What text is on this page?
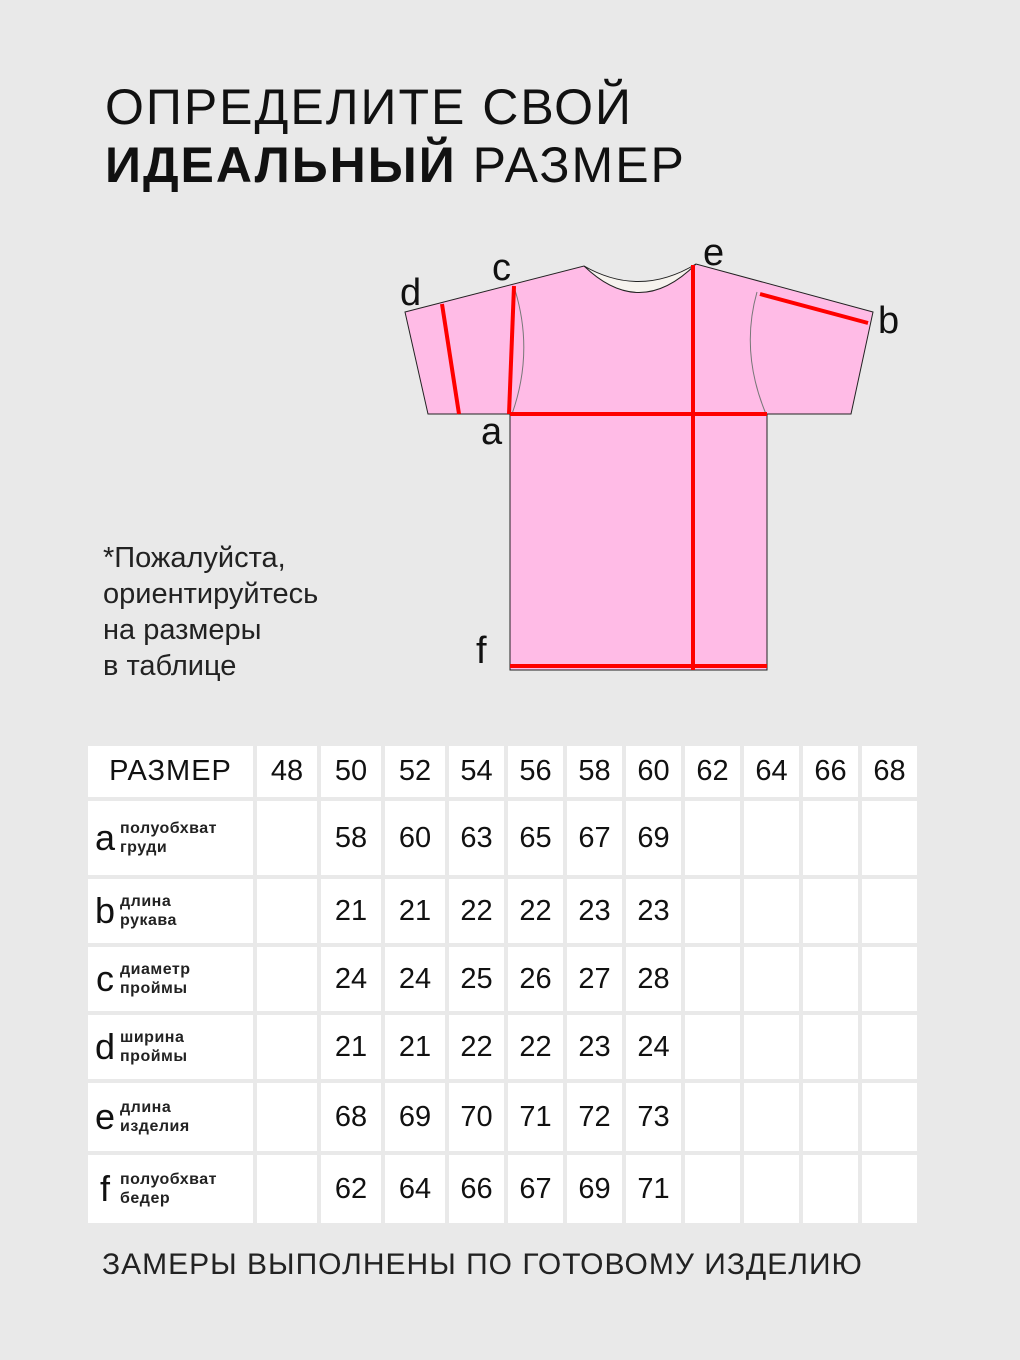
ОПРЕДЕЛИТЕ СВОЙ
ИДЕАЛЬНЫЙ РАЗМЕР
a
b
c
d
e
f
*Пожалуйста,
ориентируйтесь
на размеры
в таблице
РАЗМЕР	48	50	52	54	56	58	60	62	64	66	68
a полуобхват
груди		58	60	63	65	67	69				
b длина
рукава		21	21	22	22	23	23				
c диаметр
проймы		24	24	25	26	27	28				
d ширина
проймы		21	21	22	22	23	24				
e длина
изделия		68	69	70	71	72	73				
f полуобхват
бедер		62	64	66	67	69	71				
ЗАМЕРЫ ВЫПОЛНЕНЫ ПО ГОТОВОМУ ИЗДЕЛИЮ
